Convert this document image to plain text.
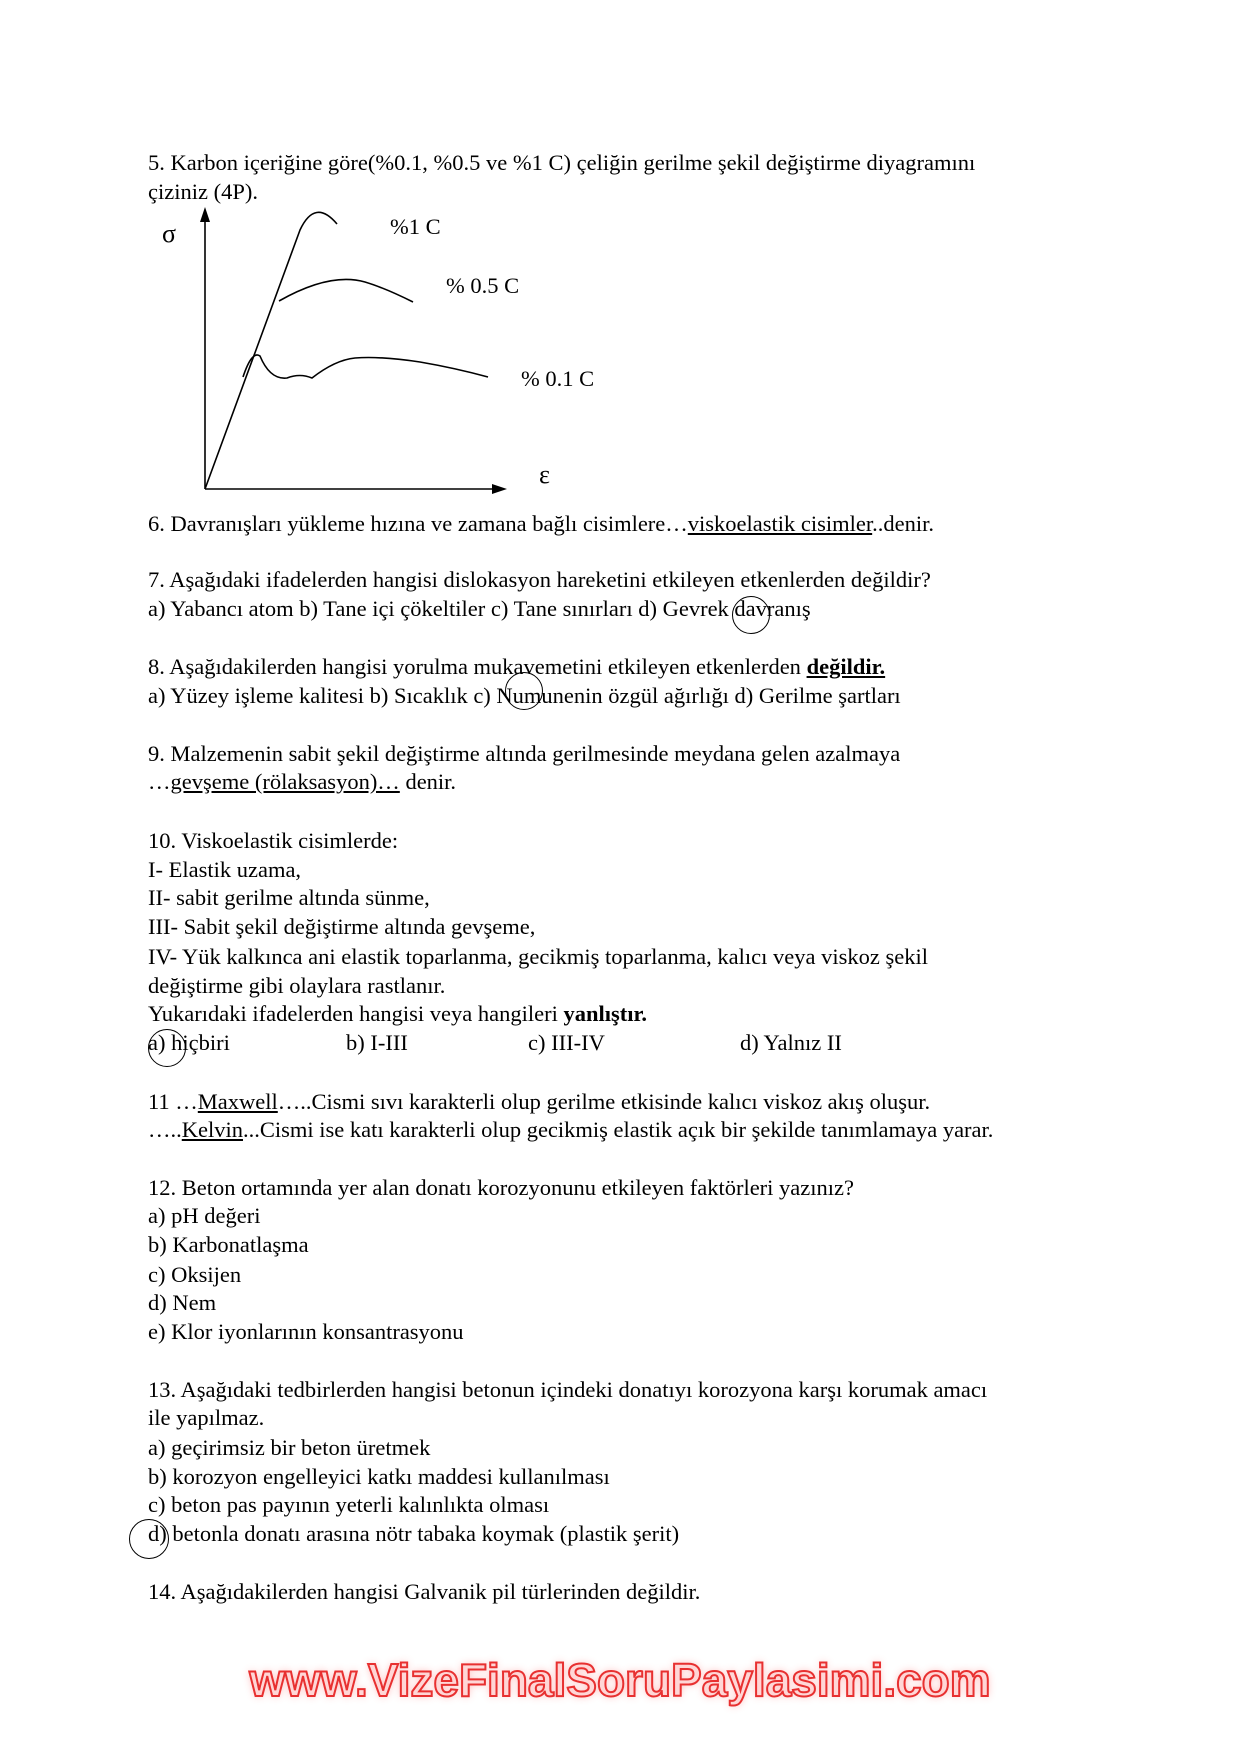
5. Karbon içeriğine göre(%0.1, %0.5 ve %1 C) çeliğin gerilme şekil değiştirme diyagramını
çiziniz (4P).
σ	%1 C
% 0.5 C
% 0.1 C
ε
6. Davranışları yükleme hızına ve zamana bağlı cisimlere…viskoelastik cisimler..denir.
7. Aşağıdaki ifadelerden hangisi dislokasyon hareketini etkileyen etkenlerden değildir?
a) Yabancı atom b) Tane içi çökeltiler c) Tane sınırları d) Gevrek davranış
8. Aşağıdakilerden hangisi yorulma mukavemetini etkileyen etkenlerden değildir.
a) Yüzey işleme kalitesi b) Sıcaklık c) Numunenin özgül ağırlığı d) Gerilme şartları
9. Malzemenin sabit şekil değiştirme altında gerilmesinde meydana gelen azalmaya
…gevşeme (rölaksasyon)… denir.
10. Viskoelastik cisimlerde:
I- Elastik uzama,
II- sabit gerilme altında sünme,
III- Sabit şekil değiştirme altında gevşeme,
IV- Yük kalkınca ani elastik toparlanma, gecikmiş toparlanma, kalıcı veya viskoz şekil
değiştirme gibi olaylara rastlanır.
Yukarıdaki ifadelerden hangisi veya hangileri yanlıştır.
a) hiçbiri	b) I-III	c) III-IV	d) Yalnız II
11 …Maxwell…..Cismi sıvı karakterli olup gerilme etkisinde kalıcı viskoz akış oluşur.
…..Kelvin...Cismi ise katı karakterli olup gecikmiş elastik açık bir şekilde tanımlamaya yarar.
12. Beton ortamında yer alan donatı korozyonunu etkileyen faktörleri yazınız?
a) pH değeri
b) Karbonatlaşma
c) Oksijen
d) Nem
e) Klor iyonlarının konsantrasyonu
13. Aşağıdaki tedbirlerden hangisi betonun içindeki donatıyı korozyona karşı korumak amacı
ile yapılmaz.
a) geçirimsiz bir beton üretmek
b) korozyon engelleyici katkı maddesi kullanılması
c) beton pas payının yeterli kalınlıkta olması
d) betonla donatı arasına nötr tabaka koymak (plastik şerit)
14. Aşağıdakilerden hangisi Galvanik pil türlerinden değildir.
www.VizeFinalSoruPaylasimi.com
